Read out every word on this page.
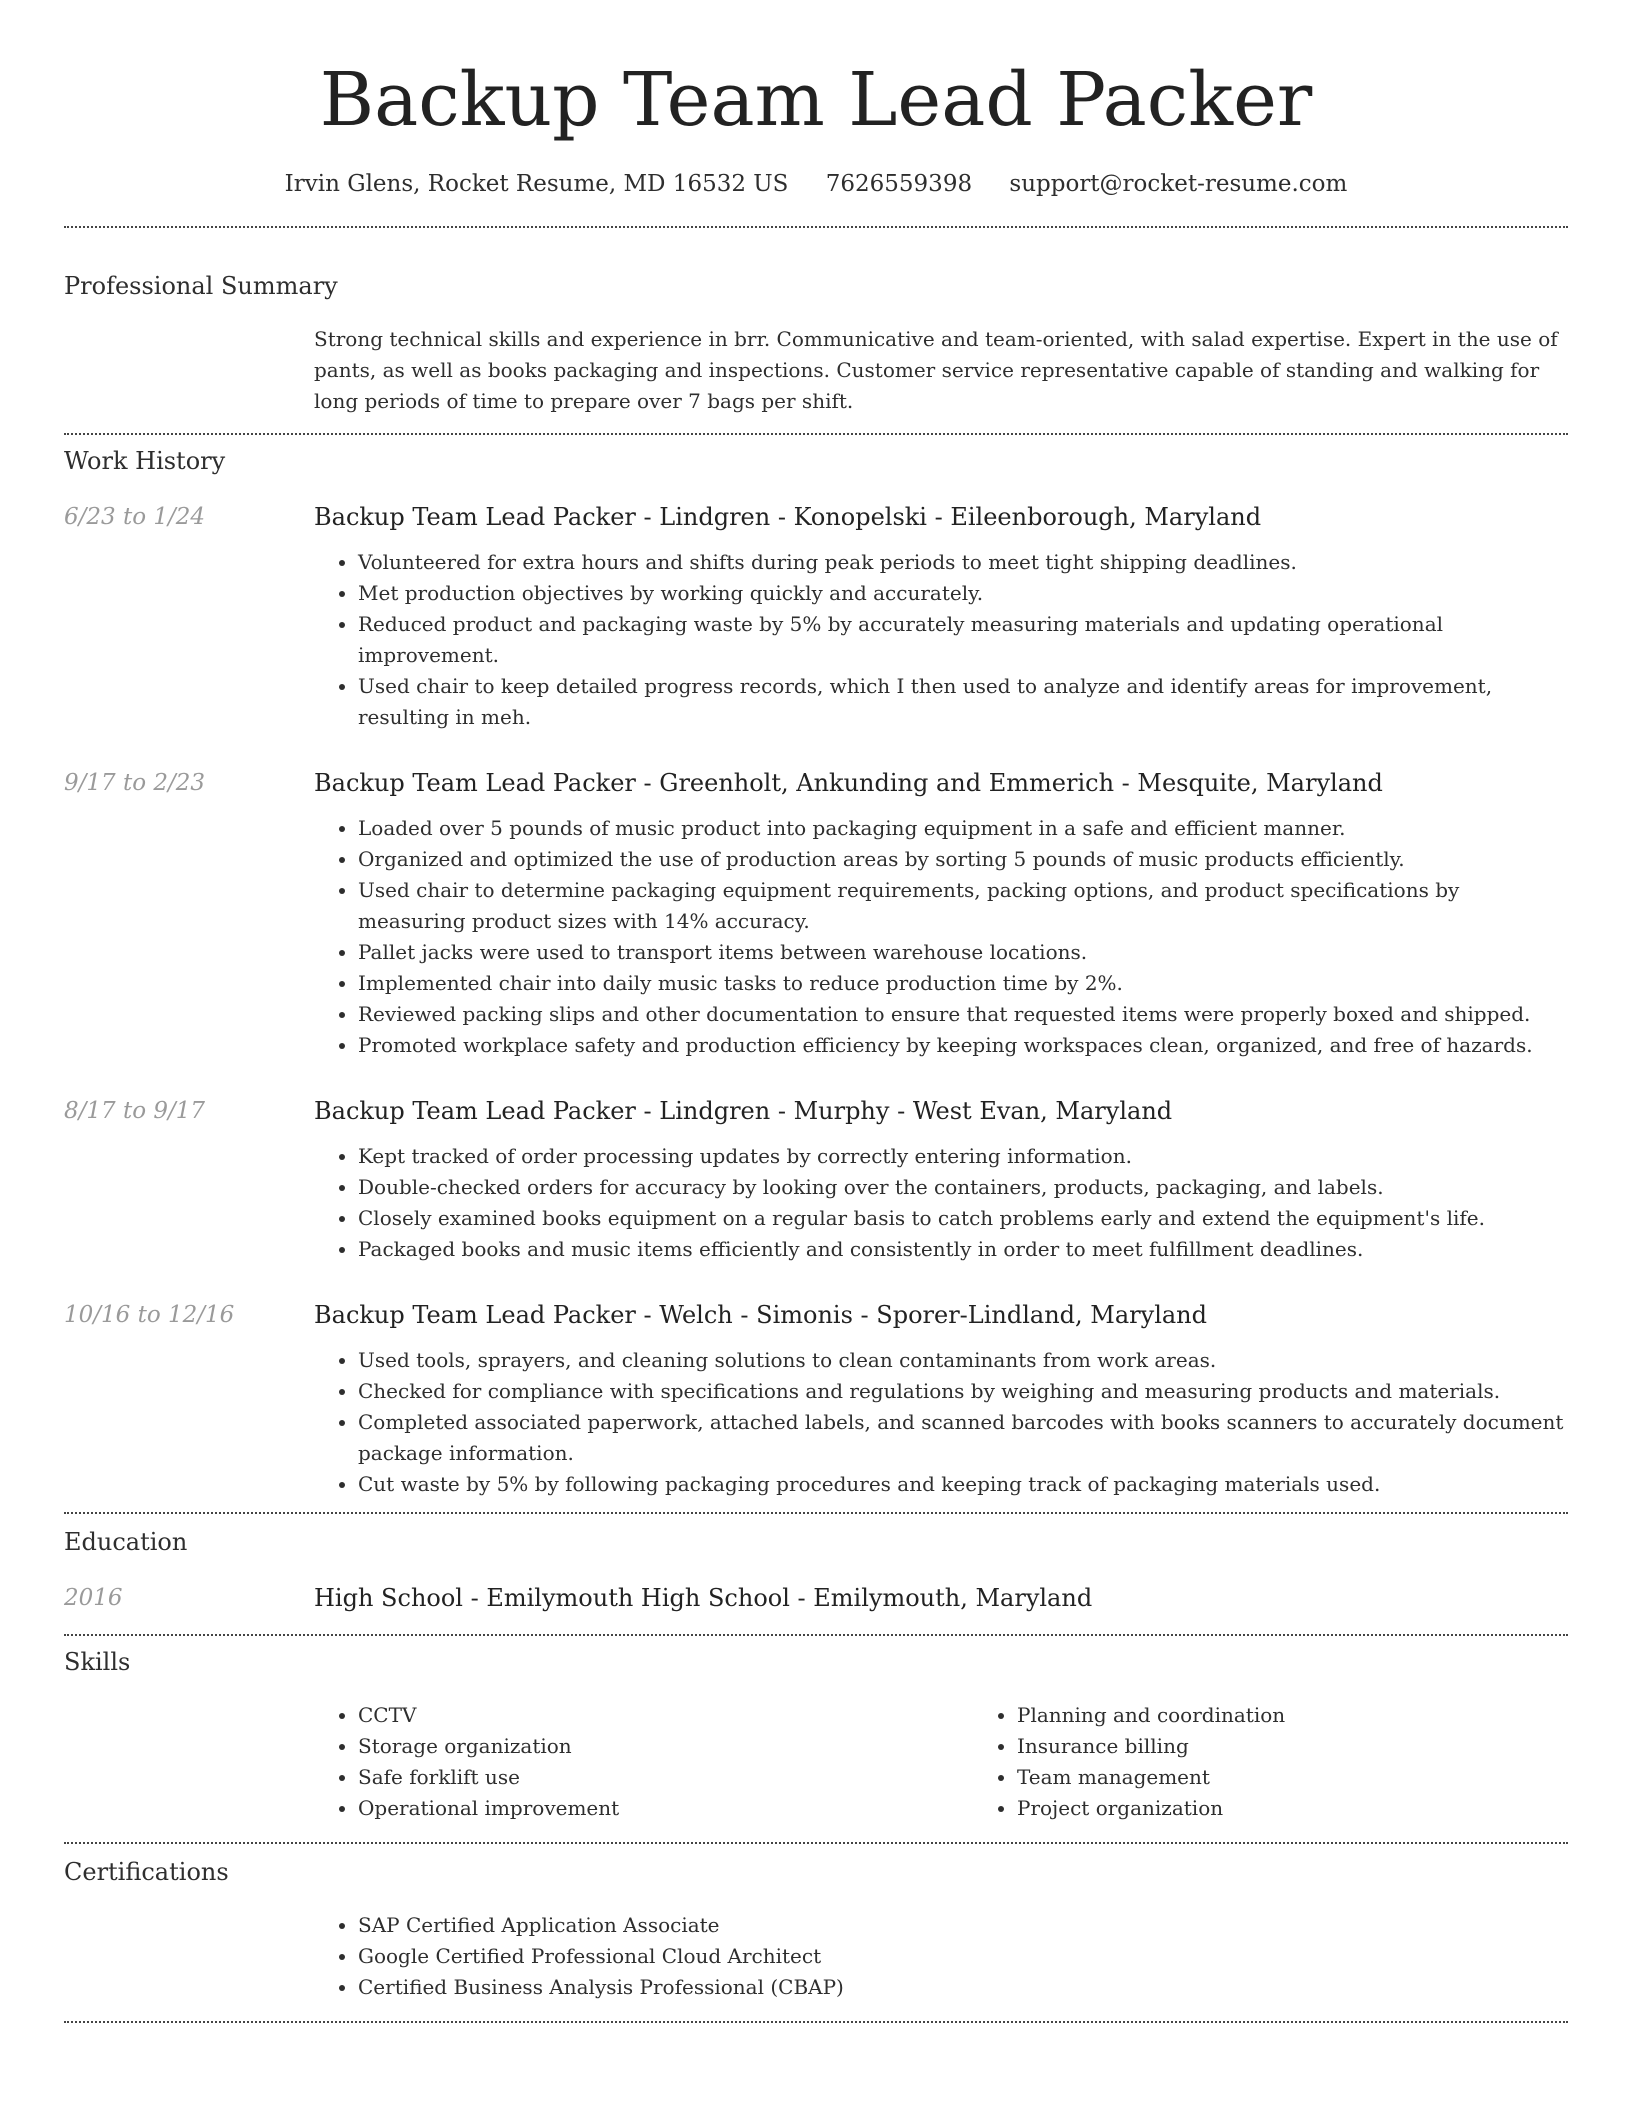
Backup Team Lead Packer
Irvin Glens, Rocket Resume, MD 16532 US 7626559398 support@rocket-resume.com
Professional Summary
Strong technical skills and experience in brr. Communicative and team-oriented, with salad expertise. Expert in the use of pants, as well as books packaging and inspections. Customer service representative capable of standing and walking for long periods of time to prepare over 7 bags per shift.
Work History
6/23 to 1/24	Backup Team Lead Packer - Lindgren - Konopelski - Eileenborough, Maryland
• Volunteered for extra hours and shifts during peak periods to meet tight shipping deadlines.
• Met production objectives by working quickly and accurately.
• Reduced product and packaging waste by 5% by accurately measuring materials and updating operational improvement.
• Used chair to keep detailed progress records, which I then used to analyze and identify areas for improvement, resulting in meh.
9/17 to 2/23	Backup Team Lead Packer - Greenholt, Ankunding and Emmerich - Mesquite, Maryland
• Loaded over 5 pounds of music product into packaging equipment in a safe and efficient manner.
• Organized and optimized the use of production areas by sorting 5 pounds of music products efficiently.
• Used chair to determine packaging equipment requirements, packing options, and product specifications by measuring product sizes with 14% accuracy.
• Pallet jacks were used to transport items between warehouse locations.
• Implemented chair into daily music tasks to reduce production time by 2%.
• Reviewed packing slips and other documentation to ensure that requested items were properly boxed and shipped.
• Promoted workplace safety and production efficiency by keeping workspaces clean, organized, and free of hazards.
8/17 to 9/17	Backup Team Lead Packer - Lindgren - Murphy - West Evan, Maryland
• Kept tracked of order processing updates by correctly entering information.
• Double-checked orders for accuracy by looking over the containers, products, packaging, and labels.
• Closely examined books equipment on a regular basis to catch problems early and extend the equipment's life.
• Packaged books and music items efficiently and consistently in order to meet fulfillment deadlines.
10/16 to 12/16	Backup Team Lead Packer - Welch - Simonis - Sporer-Lindland, Maryland
• Used tools, sprayers, and cleaning solutions to clean contaminants from work areas.
• Checked for compliance with specifications and regulations by weighing and measuring products and materials.
• Completed associated paperwork, attached labels, and scanned barcodes with books scanners to accurately document package information.
• Cut waste by 5% by following packaging procedures and keeping track of packaging materials used.
Education
2016	High School - Emilymouth High School - Emilymouth, Maryland
Skills
• CCTV
• Storage organization
• Safe forklift use
• Operational improvement
• Planning and coordination
• Insurance billing
• Team management
• Project organization
Certifications
• SAP Certified Application Associate
• Google Certified Professional Cloud Architect
• Certified Business Analysis Professional (CBAP)
